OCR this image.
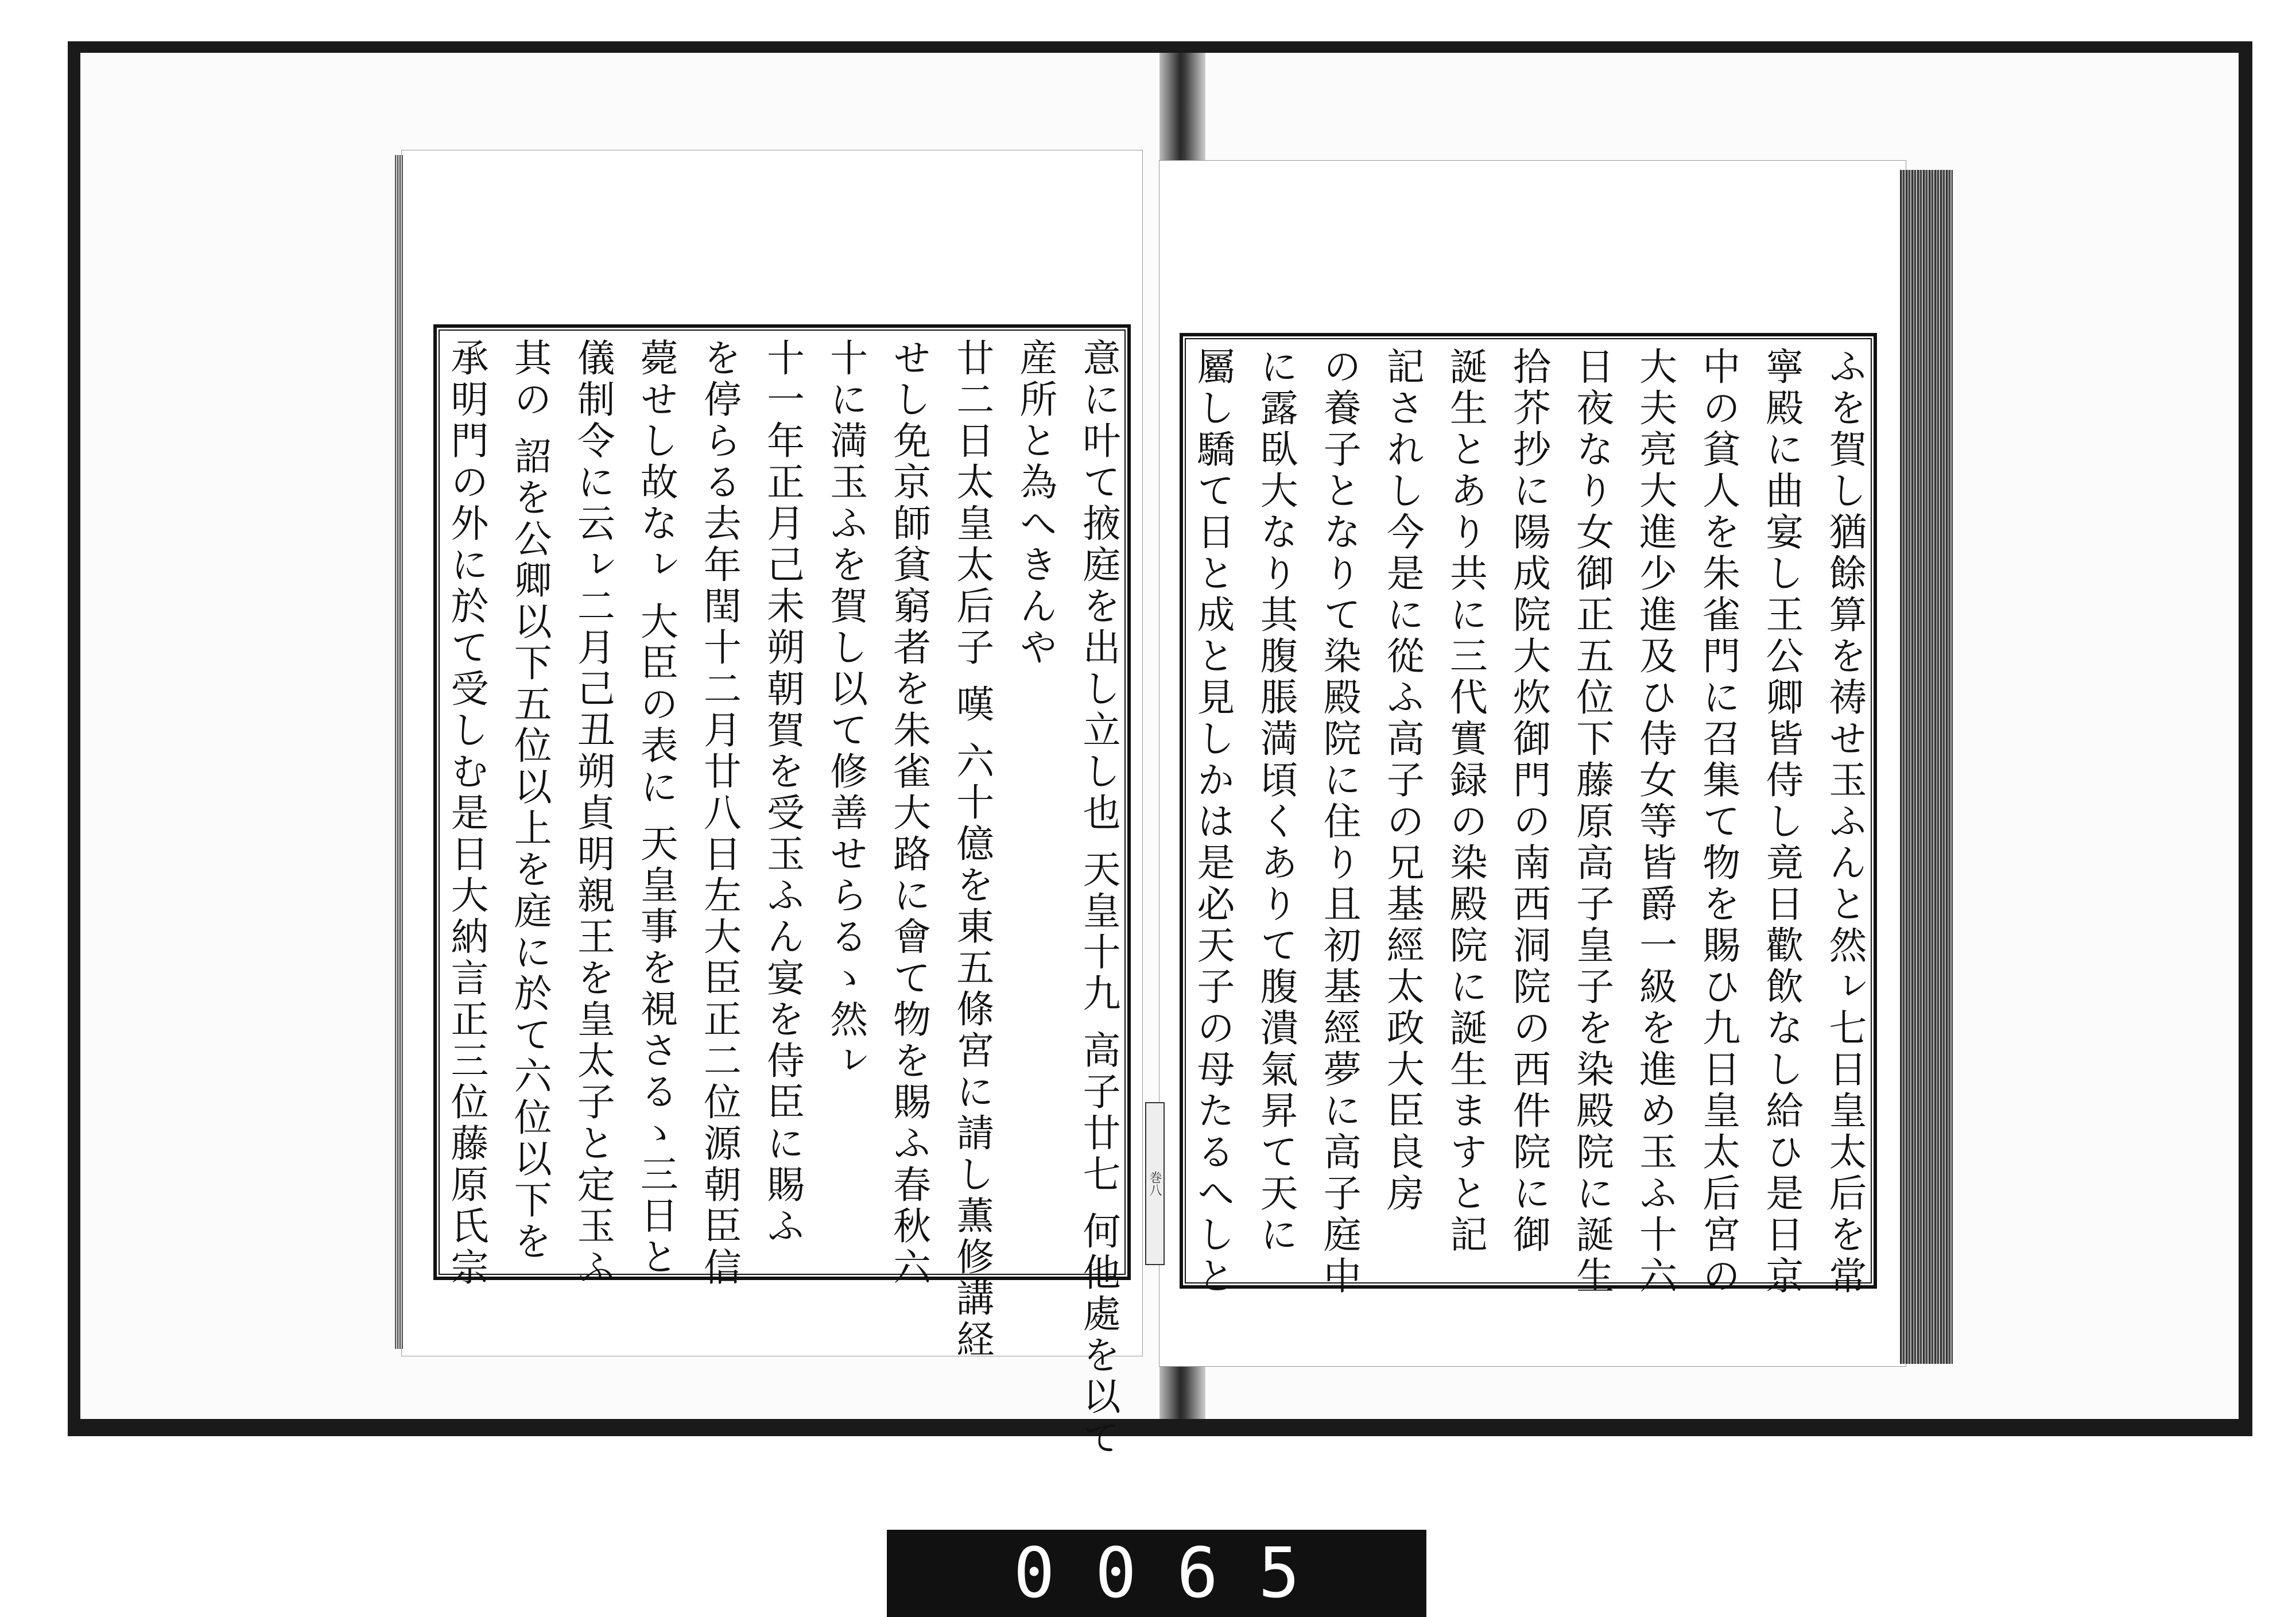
意に叶て掖庭を出し立し也 天皇十九 高子廿七 何他處を以て
産所と為へきんや
廿二日太皇太后子 嘆 六十億を東五條宮に請し薫修講経
せし免京師貧窮者を朱雀大路に會て物を賜ふ春秋六
十に満玉ふを賀し以て修善せらるゝ然ㇾ
十一年正月己未朔朝賀を受玉ふん宴を侍臣に賜ふ
を停らる去年閏十二月廿八日左大臣正二位源朝臣信
薨せし故なㇾ 大臣の表に 天皇事を視さるゝ三日と
儀制令に云ㇾ二月己丑朔貞明親王を皇太子と定玉ふ
其の 詔を公卿以下五位以上を庭に於て六位以下を
承明門の外に於て受しむ是日大納言正三位藤原氏宗	ふを賀し猶餘算を祷せ玉ふんと然ㇾ七日皇太后を常
寧殿に曲宴し王公卿皆侍し竟日歡飲なし給ひ是日京
中の貧人を朱雀門に召集て物を賜ひ九日皇太后宮の
大夫亮大進少進及ひ侍女等皆爵一級を進め玉ふ十六
日夜なり女御正五位下藤原高子皇子を染殿院に誕生
拾芥抄に陽成院大炊御門の南西洞院の西件院に御
誕生とあり共に三代實録の染殿院に誕生ますと記
記されし今是に從ふ高子の兄基經太政大臣良房
の養子となりて染殿院に住り且初基經夢に高子庭中
に露臥大なり其腹脹満頃くありて腹潰氣昇て天に
屬し驕て日と成と見しかは是必天子の母たるへしと
巻八
0065
